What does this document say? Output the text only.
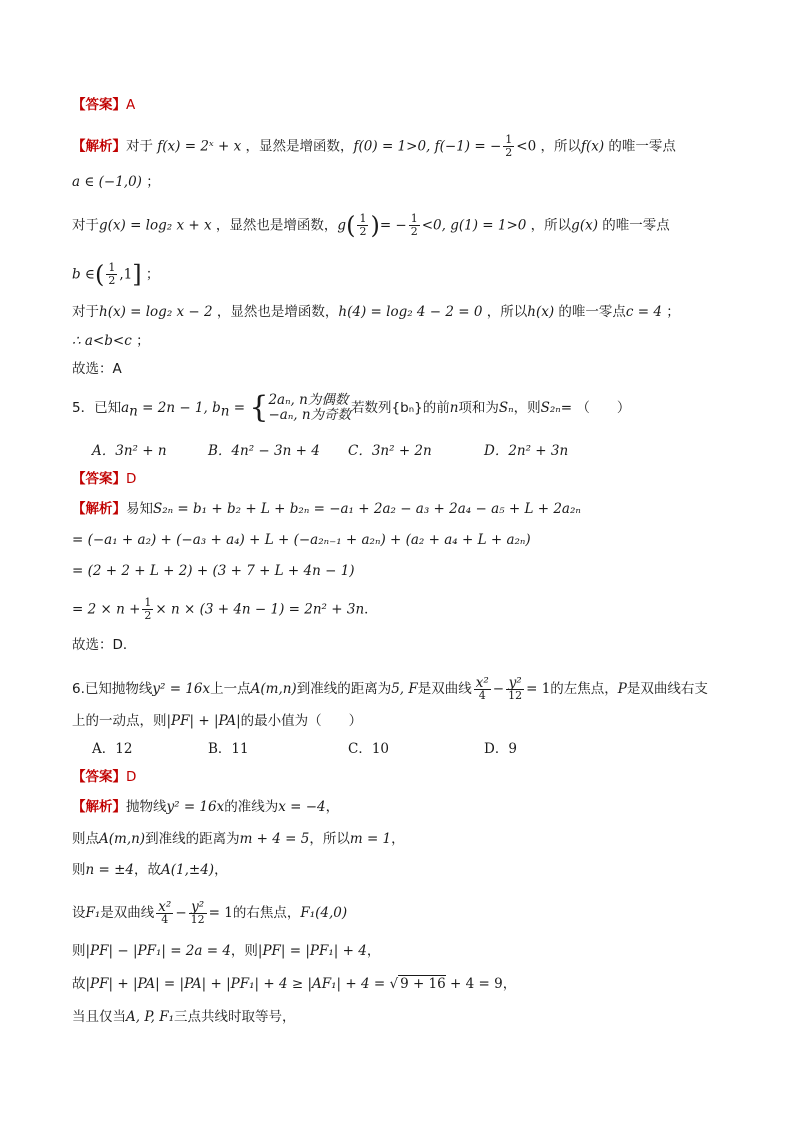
【答案】A
【解析】对于 f(x) = 2ˣ + x ，显然是增函数，f(0) = 1>0, f(−1) = − $\frac{1}{2} <0$ ，所以f(x) 的唯一零点
a ∈ (−1,0) ；
对于g(x) = log₂ x + x ，显然也是增函数，$g( \frac{1}{2}$ )= − $\frac{1}{2} <0$, g(1) = 1>0 ，所以g(x) 的唯一零点
b ∈( $\frac{1}{2} ,1$] ；
对于h(x) = log₂ x − 2 ，显然也是增函数，h(4) = log₂ 4 − 2 = 0 ，所以h(x) 的唯一零点c = 4 ；
∴ a<b<c ；
故选：A
5．已知$a_n = 2n - 1$, $b_n$ = { 2aₙ, n为偶数
−aₙ, n为奇数 若数列{bₙ}的前n项和为Sₙ，则S₂ₙ= （　　）
A．3n² + n	B．4n² − 3n + 4 C．3n² + 2n	D．2n² + 3n
【答案】D
【解析】易知S₂ₙ = b₁ + b₂ + L + b₂ₙ = −a₁ + 2a₂ − a₃ + 2a₄ − a₅ + L + 2a₂ₙ
= (−a₁ + a₂) + (−a₃ + a₄) + L + (−a₂ₙ₋₁ + a₂ₙ) + (a₂ + a₄ + L + a₂ₙ)
= (2 + 2 + L + 2) + (3 + 7 + L + 4n − 1)
= $2 \times n + \frac{1}{2} \times n \times (3 + 4n - 1) = 2n^2 + 3n$．
故选：D．
6.已知抛物线y² = 16x上一点A(m,n)到准线的距离为5, F是双曲线 $\frac{\text{x²}}{4} - \frac{\text{y²}}{12} = 1$的左焦点，P是双曲线右支
上的一动点，则|PF| + |PA|的最小值为（　　）
A．12	B．11	C．10	D．9
【答案】D
【解析】抛物线y² = 16x的准线为x = −4，
则点A(m,n)到准线的距离为m + 4 = 5，所以m = 1，
则n = ±4，故A(1,±4)，
设F₁是双曲线 $\frac{\text{x²}}{4} - \frac{\text{y²}}{12} = 1$的右焦点，F₁(4,0)
则|PF| − |PF₁| = 2a = 4，则|PF| = |PF₁| + 4，
故|PF| + |PA| = |PA| + |PF₁| + 4 ≥ |AF₁| + 4 = √ 9 + 16 + 4 = 9，
当且仅当A, P, F₁三点共线时取等号，
